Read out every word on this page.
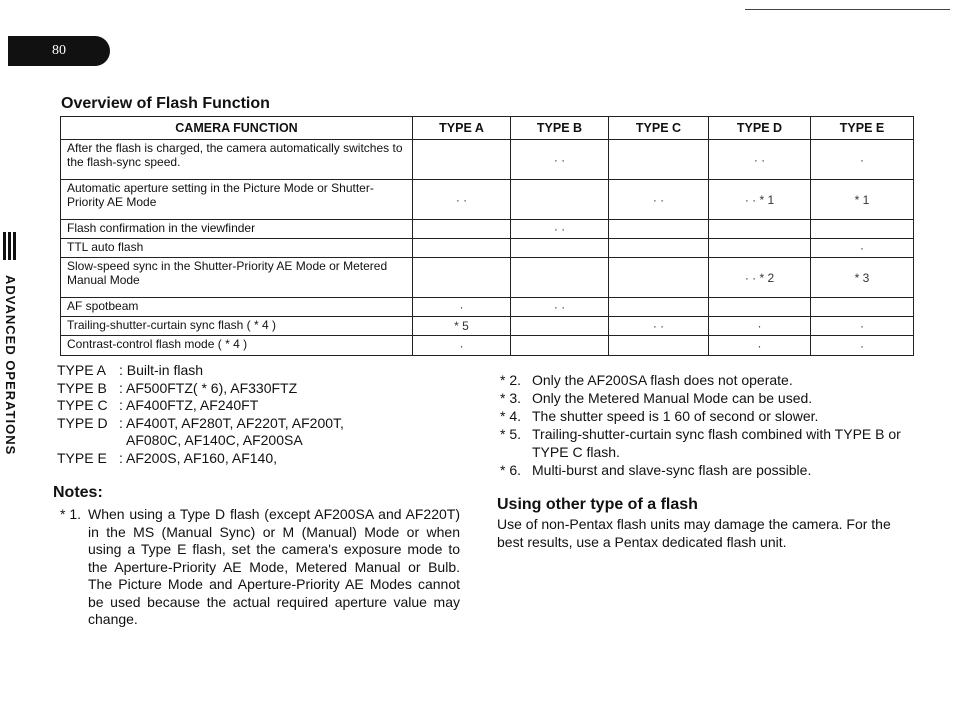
80
ADVANCED OPERATIONS
Overview of Flash Function
CAMERA FUNCTION	TYPE A	TYPE B	TYPE C	TYPE D	TYPE E
After the flash is charged, the camera automatically switches to the flash-sync speed.		· ·		· ·	·
Automatic aperture setting in the Picture Mode or Shutter-Priority AE Mode	· ·		· ·	· · * 1	* 1
Flash confirmation in the viewfinder		· ·			
TTL auto flash					·
Slow-speed sync in the Shutter-Priority AE Mode or Metered Manual Mode				· · * 2	* 3
AF spotbeam	·	· ·			
Trailing-shutter-curtain sync flash ( * 4 )	* 5		· ·	·	·
Contrast-control flash mode ( * 4 )	·			·	·
TYPE A : Built-in flash
TYPE B : AF500FTZ( * 6), AF330FTZ
TYPE C : AF400FTZ, AF240FT
TYPE D : AF400T, AF280T, AF220T, AF200T,
AF080C, AF140C, AF200SA
TYPE E : AF200S, AF160, AF140,
* 2. Only the AF200SA flash does not operate.
* 3. Only the Metered Manual Mode can be used.
* 4. The shutter speed is 1 60 of second or slower.
* 5. Trailing-shutter-curtain sync flash combined with TYPE B or TYPE C flash.
* 6. Multi-burst and slave-sync flash are possible.
Notes:
* 1. When using a Type D flash (except AF200SA and AF220T) in the MS (Manual Sync) or M (Manual) Mode or when using a Type E flash, set the camera's exposure mode to the Aperture-Priority AE Mode, Metered Manual or Bulb. The Picture Mode and Aperture-Priority AE Modes cannot be used because the actual required aperture value may change.
Using other type of a flash
Use of non-Pentax flash units may damage the camera. For the best results, use a Pentax dedicated flash unit.
